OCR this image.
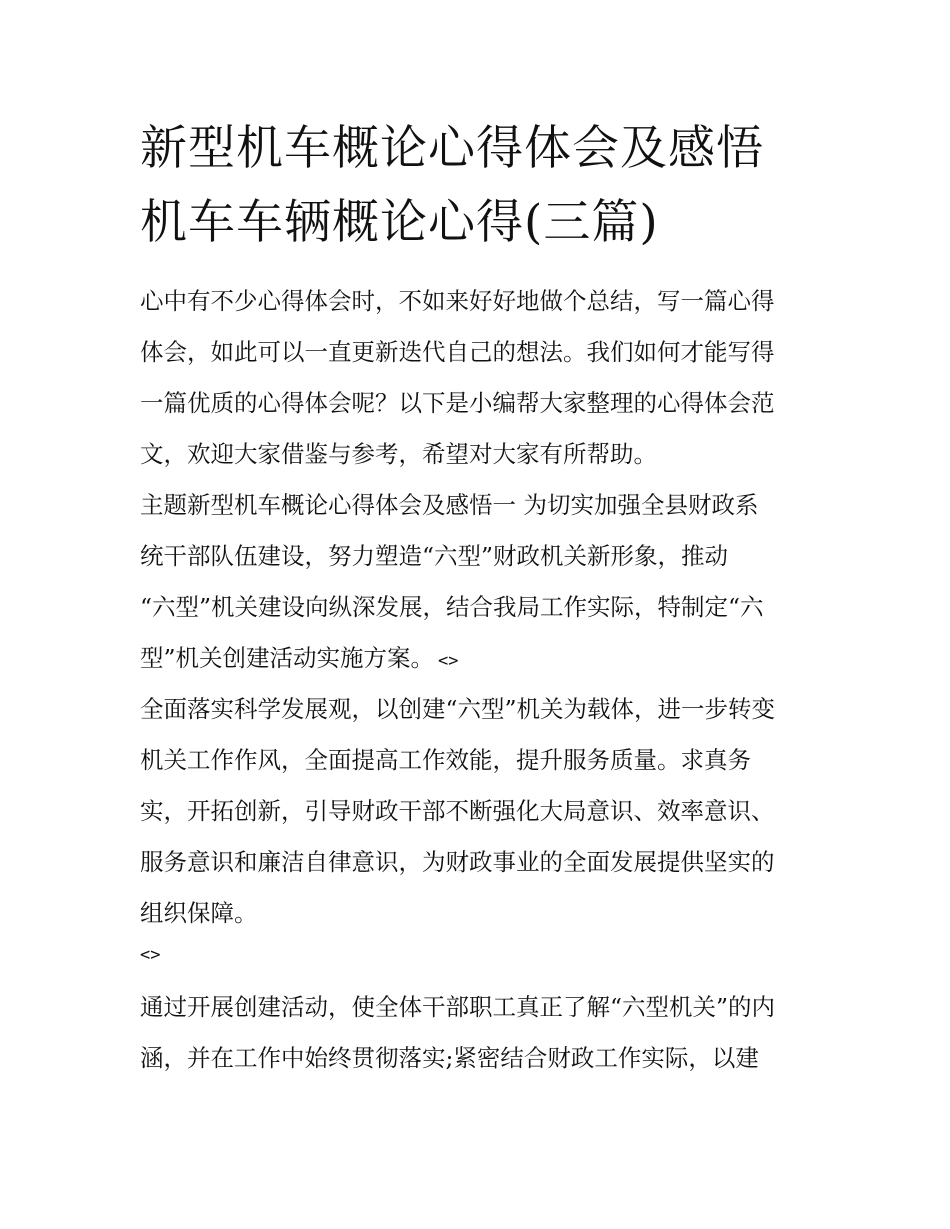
新型机车概论心得体会及感悟
机车车辆概论心得(三篇)
心中有不少心得体会时，不如来好好地做个总结，写一篇心得
体会，如此可以一直更新迭代自己的想法。我们如何才能写得
一篇优质的心得体会呢？以下是小编帮大家整理的心得体会范
文，欢迎大家借鉴与参考，希望对大家有所帮助。
主题新型机车概论心得体会及感悟一 为切实加强全县财政系
统干部队伍建设，努力塑造“六型”财政机关新形象，推动
“六型”机关建设向纵深发展，结合我局工作实际，特制定“六
型”机关创建活动实施方案。 <>
全面落实科学发展观，以创建“六型”机关为载体，进一步转变
机关工作作风，全面提高工作效能，提升服务质量。求真务
实，开拓创新，引导财政干部不断强化大局意识、效率意识、
服务意识和廉洁自律意识，为财政事业的全面发展提供坚实的
组织保障。
<>
通过开展创建活动，使全体干部职工真正了解“六型机关”的内
涵，并在工作中始终贯彻落实;紧密结合财政工作实际，以建
